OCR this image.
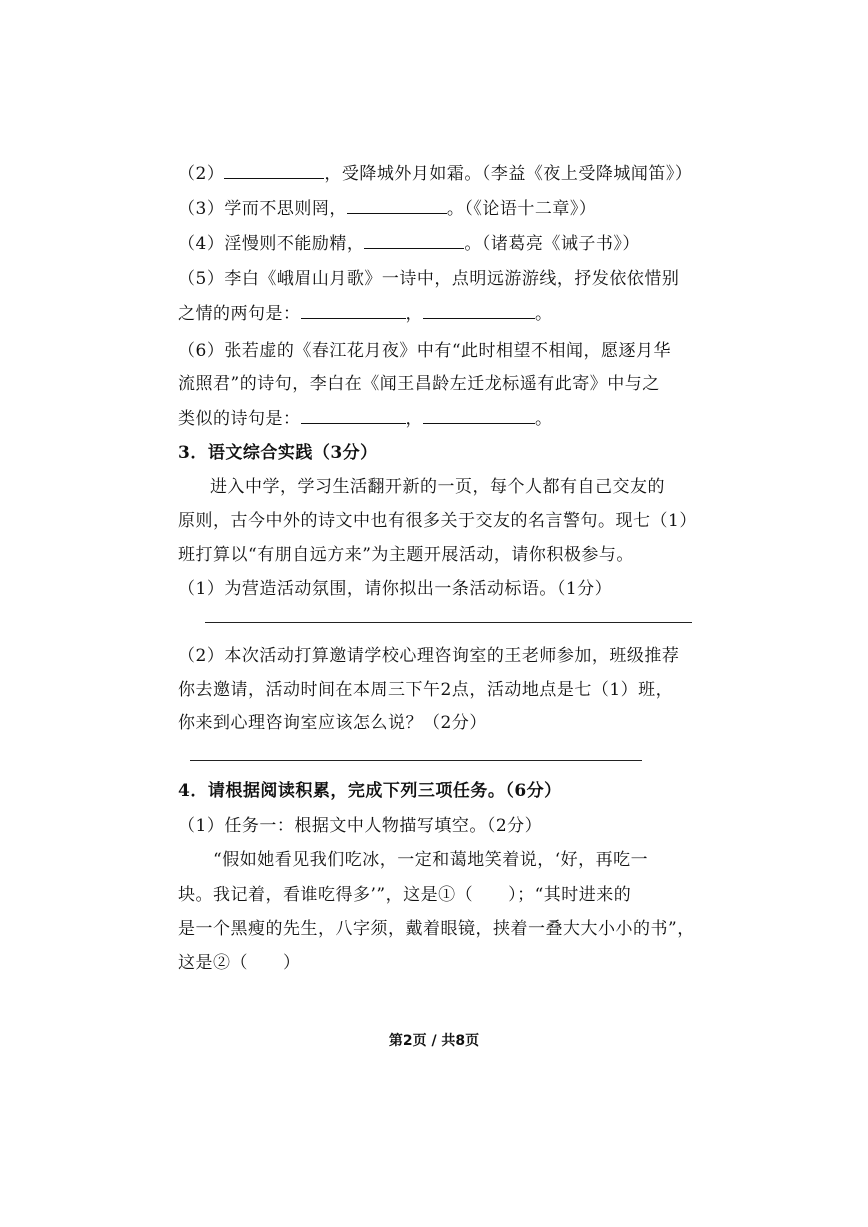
（2）	，受降城外月如霜。（李益《夜上受降城闻笛》）
（3）学而不思则罔，	。（《论语十二章》）
（4）淫慢则不能励精，	。（诸葛亮《诫子书》）
（5）李白《峨眉山月歌》一诗中，点明远游游线，抒发依依惜别
之情的两句是：	，	。
（6）张若虚的《春江花月夜》中有“此时相望不相闻，愿逐月华
流照君”的诗句，李白在《闻王昌龄左迁龙标遥有此寄》中与之
类似的诗句是：	，	。
3．语文综合实践（3分）
进入中学，学习生活翻开新的一页，每个人都有自己交友的
原则，古今中外的诗文中也有很多关于交友的名言警句。现七（1）
班打算以“有朋自远方来”为主题开展活动，请你积极参与。
（1）为营造活动氛围，请你拟出一条活动标语。（1分）
（2）本次活动打算邀请学校心理咨询室的王老师参加，班级推荐
你去邀请，活动时间在本周三下午2点，活动地点是七（1）班，
你来到心理咨询室应该怎么说？（2分）
4．请根据阅读积累，完成下列三项任务。（6分）
（1）任务一：根据文中人物描写填空。（2分）
“假如她看见我们吃冰，一定和蔼地笑着说，‘好，再吃一
块。我记着，看谁吃得多’”，这是①（　　）；“其时进来的
是一个黑瘦的先生，八字须，戴着眼镜，挟着一叠大大小小的书”，
这是②（　　）
第2页 / 共8页
